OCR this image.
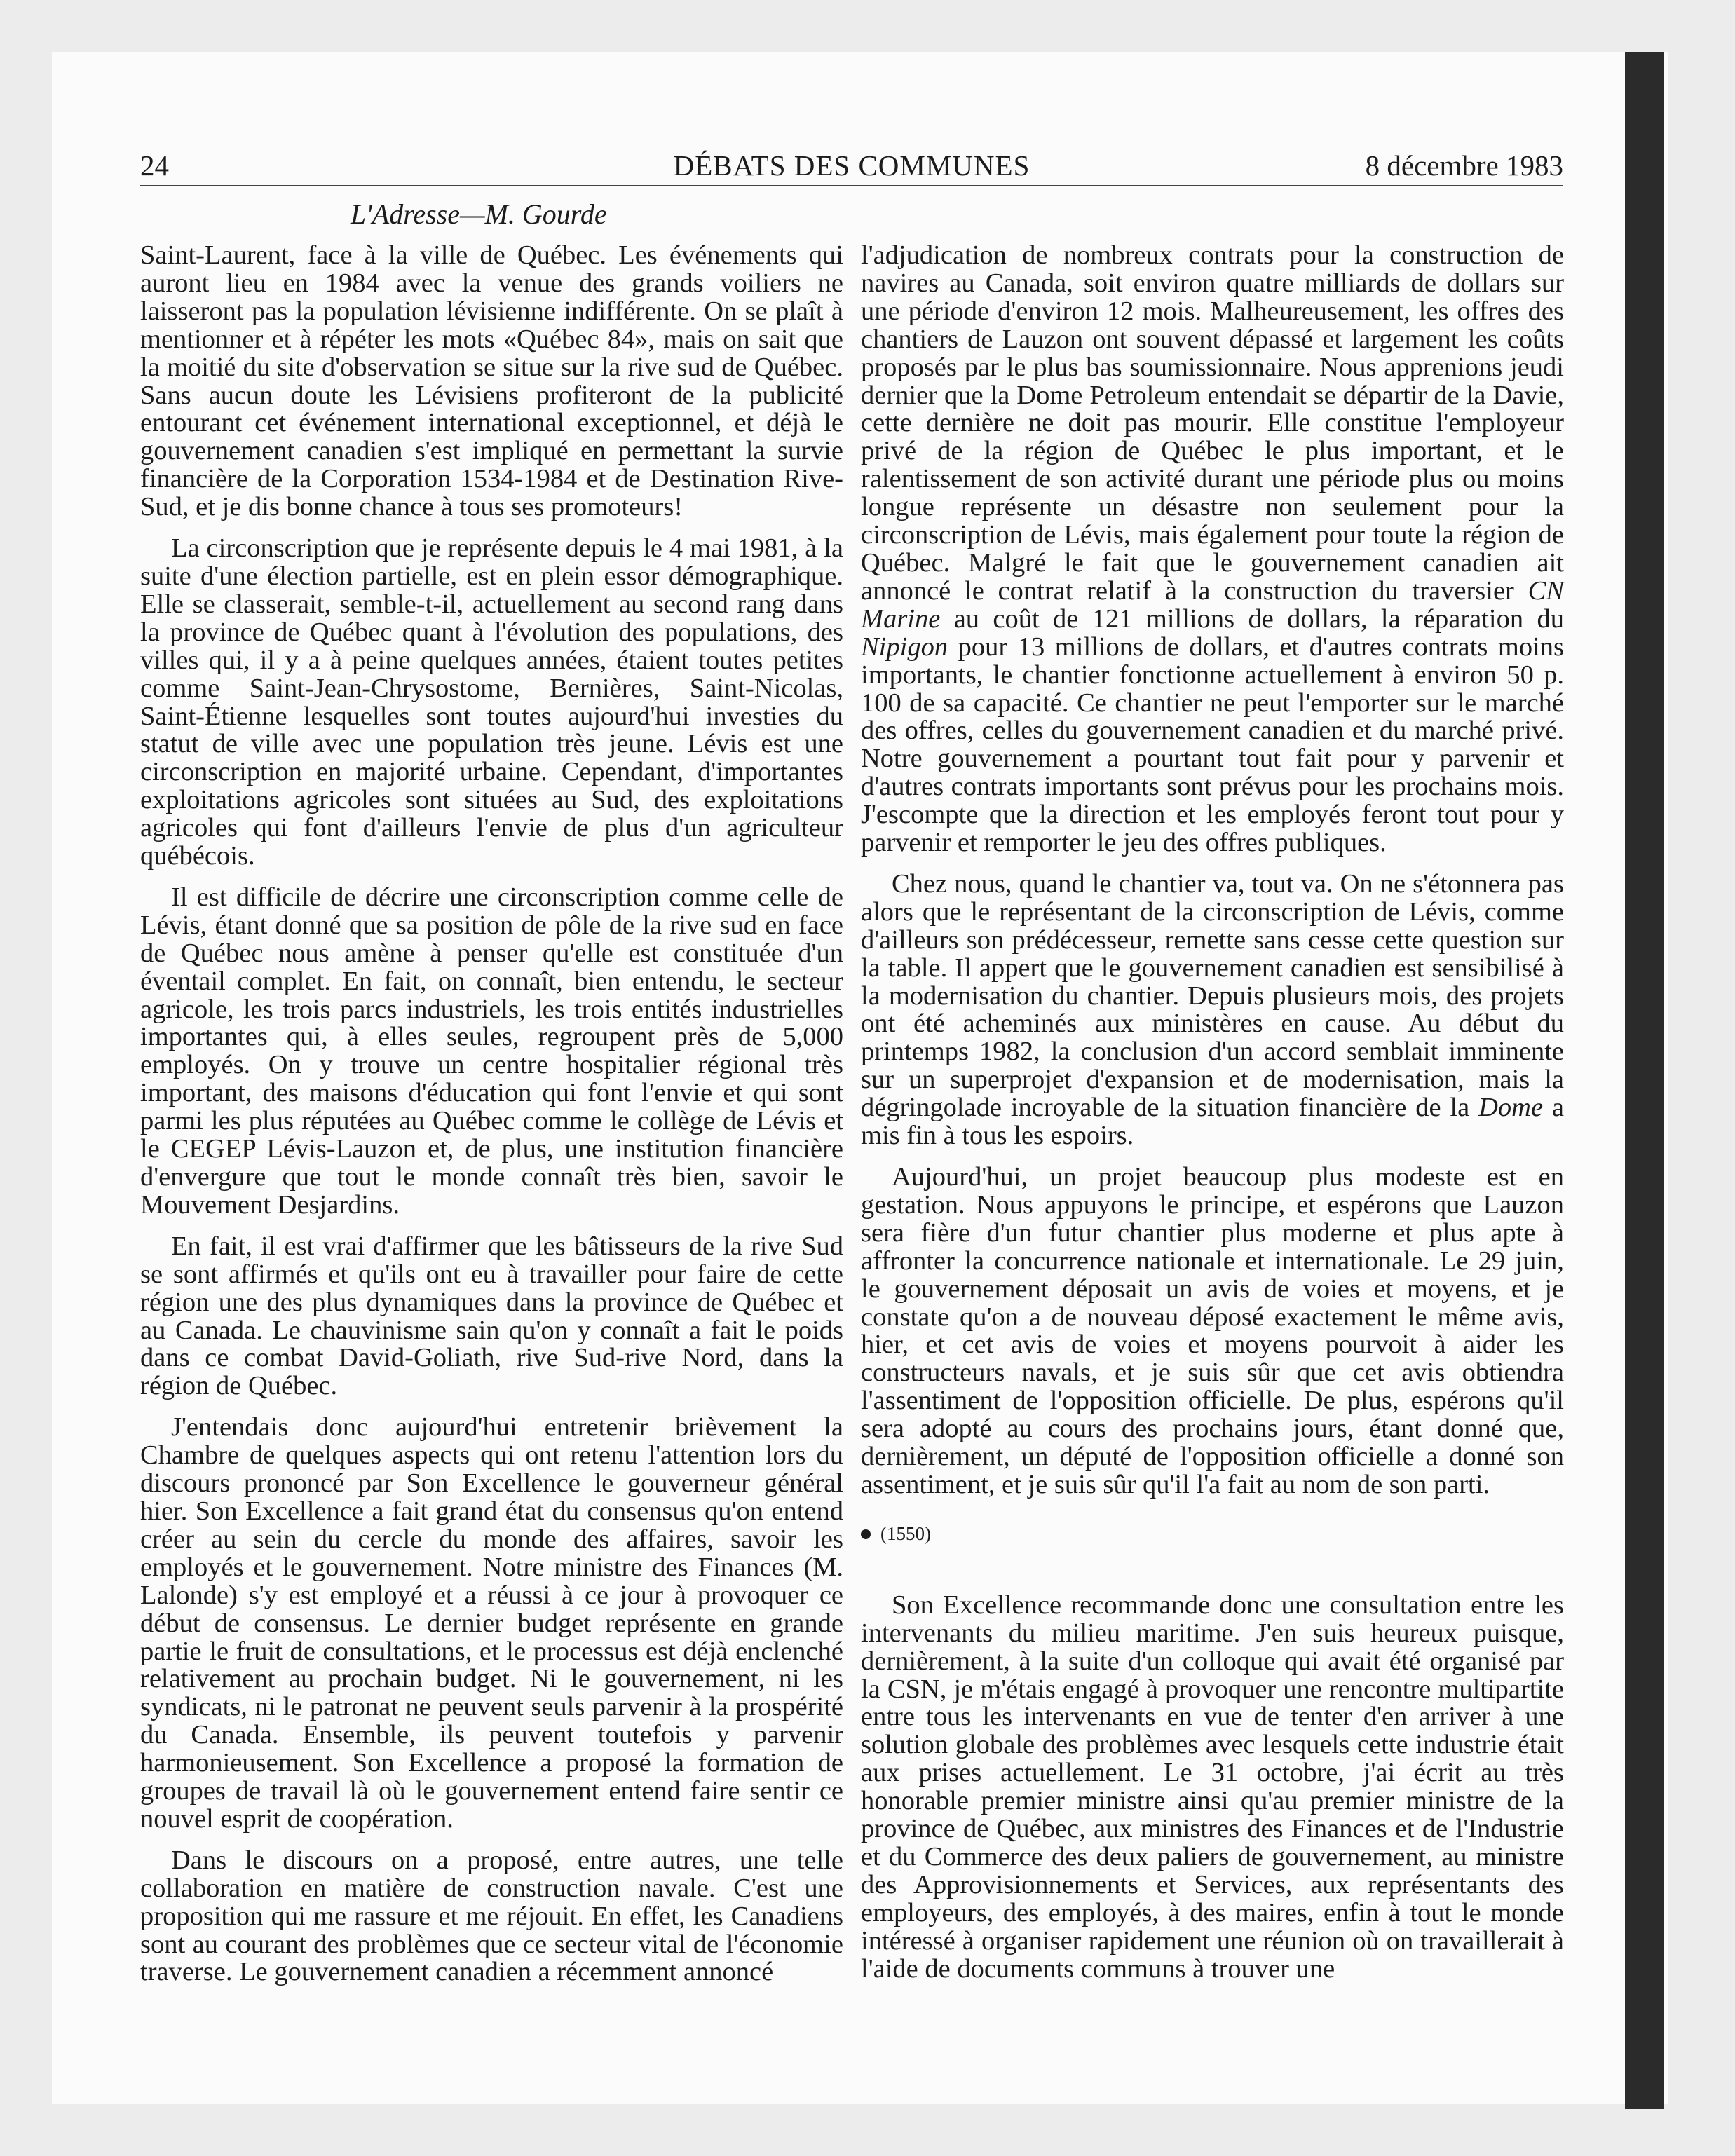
24	DÉBATS DES COMMUNES	8 décembre 1983
L'Adresse—M. Gourde

Saint-Laurent, face à la ville de Québec. Les événements qui auront lieu en 1984 avec la venue des grands voiliers ne laisseront pas la population lévisienne indifférente. On se plaît à mentionner et à répéter les mots «Québec 84», mais on sait que la moitié du site d'observation se situe sur la rive sud de Québec. Sans aucun doute les Lévisiens profiteront de la publicité entourant cet événement international exceptionnel, et déjà le gouvernement canadien s'est impliqué en permettant la survie financière de la Corporation 1534-1984 et de Destination Rive-Sud, et je dis bonne chance à tous ses promoteurs!

La circonscription que je représente depuis le 4 mai 1981, à la suite d'une élection partielle, est en plein essor démographique. Elle se classerait, semble-t-il, actuellement au second rang dans la province de Québec quant à l'évolution des populations, des villes qui, il y a à peine quelques années, étaient toutes petites comme Saint-Jean-Chrysostome, Bernières, Saint-Nicolas, Saint-Étienne lesquelles sont toutes aujourd'hui investies du statut de ville avec une population très jeune. Lévis est une circonscription en majorité urbaine. Cependant, d'importantes exploitations agricoles sont situées au Sud, des exploitations agricoles qui font d'ailleurs l'envie de plus d'un agriculteur québécois.

Il est difficile de décrire une circonscription comme celle de Lévis, étant donné que sa position de pôle de la rive sud en face de Québec nous amène à penser qu'elle est constituée d'un éventail complet. En fait, on connaît, bien entendu, le secteur agricole, les trois parcs industriels, les trois entités industrielles importantes qui, à elles seules, regroupent près de 5,000 employés. On y trouve un centre hospitalier régional très important, des maisons d'éducation qui font l'envie et qui sont parmi les plus réputées au Québec comme le collège de Lévis et le CEGEP Lévis-Lauzon et, de plus, une institution financière d'envergure que tout le monde connaît très bien, savoir le Mouvement Desjardins.

En fait, il est vrai d'affirmer que les bâtisseurs de la rive Sud se sont affirmés et qu'ils ont eu à travailler pour faire de cette région une des plus dynamiques dans la province de Québec et au Canada. Le chauvinisme sain qu'on y connaît a fait le poids dans ce combat David-Goliath, rive Sud-rive Nord, dans la région de Québec.

J'entendais donc aujourd'hui entretenir brièvement la Chambre de quelques aspects qui ont retenu l'attention lors du discours prononcé par Son Excellence le gouverneur général hier. Son Excellence a fait grand état du consensus qu'on entend créer au sein du cercle du monde des affaires, savoir les employés et le gouvernement. Notre ministre des Finances (M. Lalonde) s'y est employé et a réussi à ce jour à provoquer ce début de consensus. Le dernier budget représente en grande partie le fruit de consultations, et le processus est déjà enclenché relativement au prochain budget. Ni le gouvernement, ni les syndicats, ni le patronat ne peuvent seuls parvenir à la prospérité du Canada. Ensemble, ils peuvent toutefois y parvenir harmonieusement. Son Excellence a proposé la formation de groupes de travail là où le gouvernement entend faire sentir ce nouvel esprit de coopération.

Dans le discours on a proposé, entre autres, une telle collaboration en matière de construction navale. C'est une proposition qui me rassure et me réjouit. En effet, les Canadiens sont au courant des problèmes que ce secteur vital de l'économie traverse. Le gouvernement canadien a récemment annoncé

l'adjudication de nombreux contrats pour la construction de navires au Canada, soit environ quatre milliards de dollars sur une période d'environ 12 mois. Malheureusement, les offres des chantiers de Lauzon ont souvent dépassé et largement les coûts proposés par le plus bas soumissionnaire. Nous apprenions jeudi dernier que la Dome Petroleum entendait se départir de la Davie, cette dernière ne doit pas mourir. Elle constitue l'employeur privé de la région de Québec le plus important, et le ralentissement de son activité durant une période plus ou moins longue représente un désastre non seulement pour la circonscription de Lévis, mais également pour toute la région de Québec. Malgré le fait que le gouvernement canadien ait annoncé le contrat relatif à la construction du traversier CN Marine au coût de 121 millions de dollars, la réparation du Nipigon pour 13 millions de dollars, et d'autres contrats moins importants, le chantier fonctionne actuellement à environ 50 p. 100 de sa capacité. Ce chantier ne peut l'emporter sur le marché des offres, celles du gouvernement canadien et du marché privé. Notre gouvernement a pourtant tout fait pour y parvenir et d'autres contrats importants sont prévus pour les prochains mois. J'escompte que la direction et les employés feront tout pour y parvenir et remporter le jeu des offres publiques.

Chez nous, quand le chantier va, tout va. On ne s'étonnera pas alors que le représentant de la circonscription de Lévis, comme d'ailleurs son prédécesseur, remette sans cesse cette question sur la table. Il appert que le gouvernement canadien est sensibilisé à la modernisation du chantier. Depuis plusieurs mois, des projets ont été acheminés aux ministères en cause. Au début du printemps 1982, la conclusion d'un accord semblait imminente sur un superprojet d'expansion et de modernisation, mais la dégringolade incroyable de la situation financière de la Dome a mis fin à tous les espoirs.

Aujourd'hui, un projet beaucoup plus modeste est en gestation. Nous appuyons le principe, et espérons que Lauzon sera fière d'un futur chantier plus moderne et plus apte à affronter la concurrence nationale et internationale. Le 29 juin, le gouvernement déposait un avis de voies et moyens, et je constate qu'on a de nouveau déposé exactement le même avis, hier, et cet avis de voies et moyens pourvoit à aider les constructeurs navals, et je suis sûr que cet avis obtiendra l'assentiment de l'opposition officielle. De plus, espérons qu'il sera adopté au cours des prochains jours, étant donné que, dernièrement, un député de l'opposition officielle a donné son assentiment, et je suis sûr qu'il l'a fait au nom de son parti.

(1550)

Son Excellence recommande donc une consultation entre les intervenants du milieu maritime. J'en suis heureux puisque, dernièrement, à la suite d'un colloque qui avait été organisé par la CSN, je m'étais engagé à provoquer une rencontre multipartite entre tous les intervenants en vue de tenter d'en arriver à une solution globale des problèmes avec lesquels cette industrie était aux prises actuellement. Le 31 octobre, j'ai écrit au très honorable premier ministre ainsi qu'au premier ministre de la province de Québec, aux ministres des Finances et de l'Industrie et du Commerce des deux paliers de gouvernement, au ministre des Approvisionnements et Services, aux représentants des employeurs, des employés, à des maires, enfin à tout le monde intéressé à organiser rapidement une réunion où on travaillerait à l'aide de documents communs à trouver une
